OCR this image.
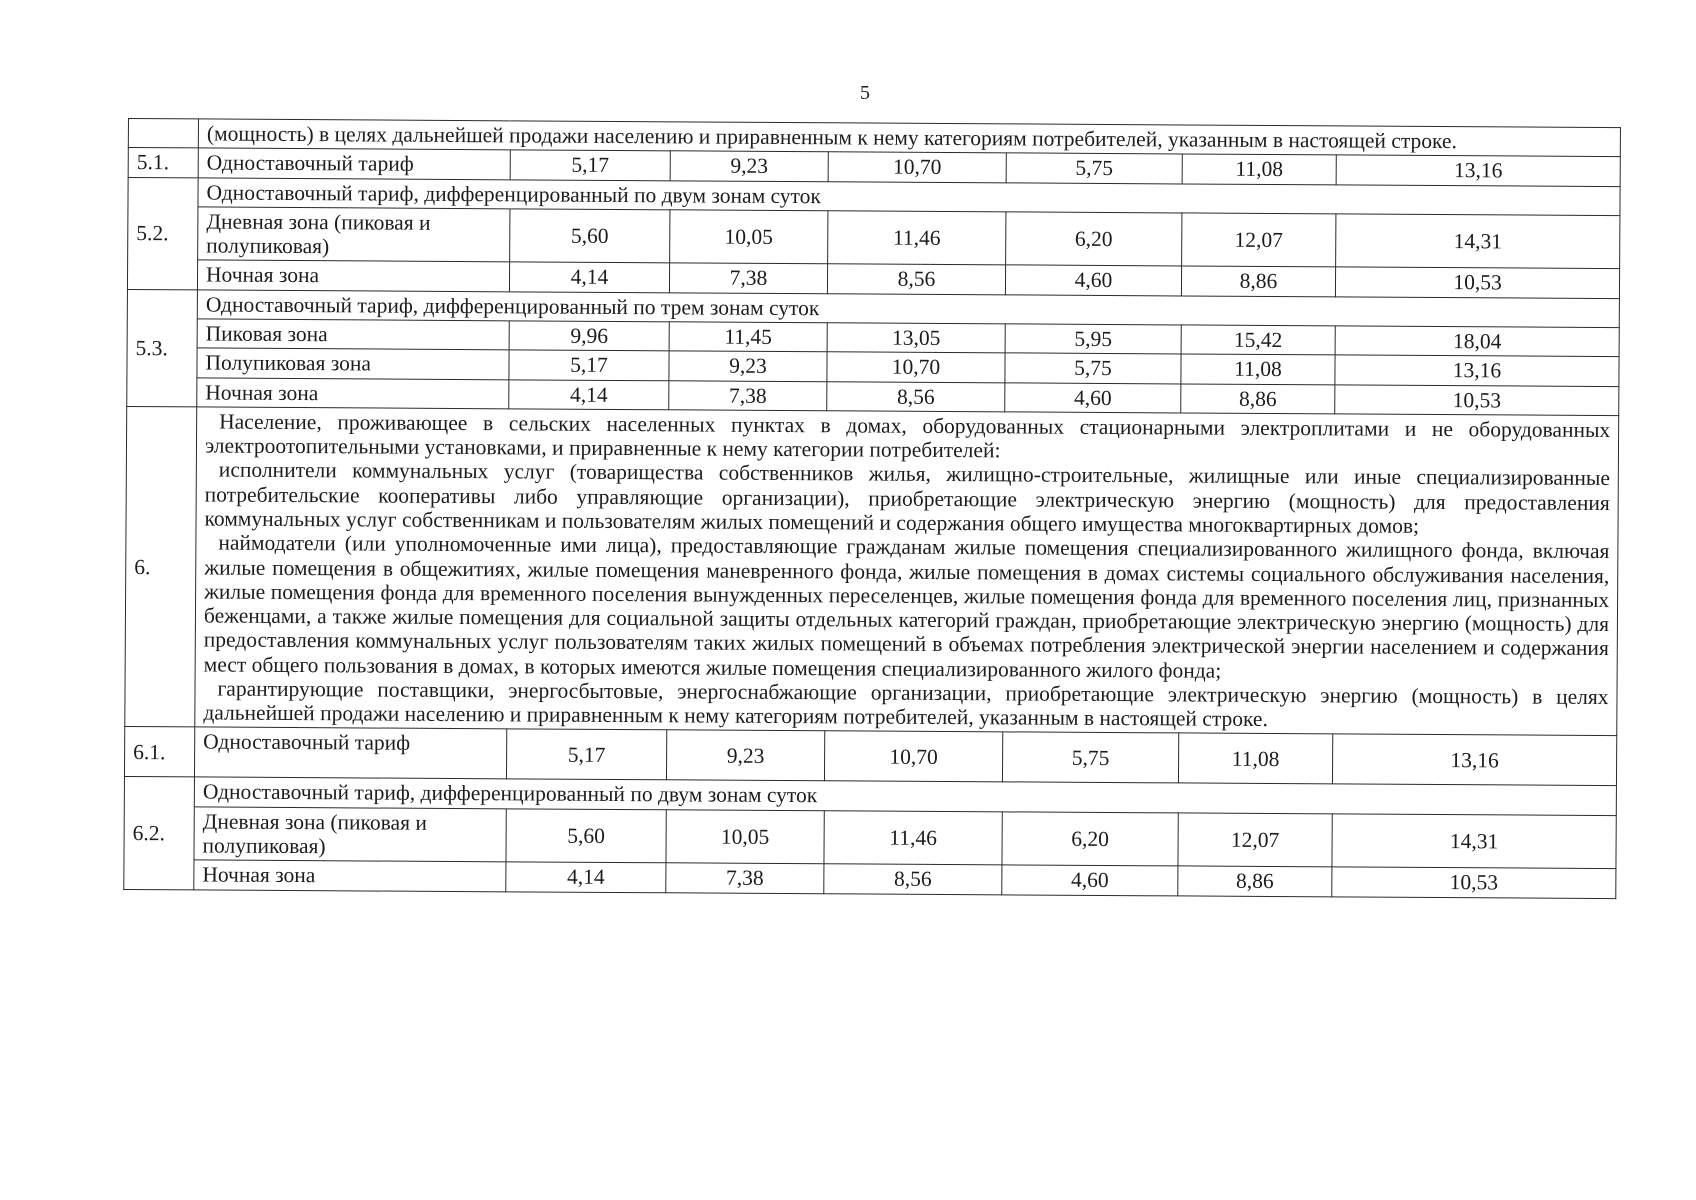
5
	(мощность) в целях дальнейшей продажи населению и приравненным к нему категориям потребителей, указанным в настоящей строке.						
5.1.	Одноставочный тариф	5,17	9,23	10,70	5,75	11,08	13,16
5.2.	Одноставочный тариф, дифференцированный по двум зонам суток						
	Дневная зона (пиковая и полупиковая)	5,60	10,05	11,46	6,20	12,07	14,31
	Ночная зона	4,14	7,38	8,56	4,60	8,86	10,53
5.3.	Одноставочный тариф, дифференцированный по трем зонам суток						
	Пиковая зона	9,96	11,45	13,05	5,95	15,42	18,04
	Полупиковая зона	5,17	9,23	10,70	5,75	11,08	13,16
	Ночная зона	4,14	7,38	8,56	4,60	8,86	10,53
6.	Население, проживающее в сельских населенных пунктах в домах, оборудованных стационарными электроплитами и не оборудованных электроотопительными установками, и приравненные к нему категории потребителей:
исполнители коммунальных услуг (товарищества собственников жилья, жилищно-строительные, жилищные или иные специализированные потребительские кооперативы либо управляющие организации), приобретающие электрическую энергию (мощность) для предоставления коммунальных услуг собственникам и пользователям жилых помещений и содержания общего имущества многоквартирных домов;
наймодатели (или уполномоченные ими лица), предоставляющие гражданам жилые помещения специализированного жилищного фонда, включая жилые помещения в общежитиях, жилые помещения маневренного фонда, жилые помещения в домах системы социального обслуживания населения, жилые помещения фонда для временного поселения вынужденных переселенцев, жилые помещения фонда для временного поселения лиц, признанных беженцами, а также жилые помещения для социальной защиты отдельных категорий граждан, приобретающие электрическую энергию (мощность) для предоставления коммунальных услуг пользователям таких жилых помещений в объемах потребления электрической энергии населением и содержания мест общего пользования в домах, в которых имеются жилые помещения специализированного жилого фонда;
гарантирующие поставщики, энергосбытовые, энергоснабжающие организации, приобретающие электрическую энергию (мощность) в целях дальнейшей продажи населению и приравненным к нему категориям потребителей, указанным в настоящей строке.						

6.1.	Одноставочный тариф	5,17	9,23	10,70	5,75	11,08	13,16
6.2.	Одноставочный тариф, дифференцированный по двум зонам суток						
	Дневная зона (пиковая и полупиковая)	5,60	10,05	11,46	6,20	12,07	14,31
	Ночная зона	4,14	7,38	8,56	4,60	8,86	10,53
